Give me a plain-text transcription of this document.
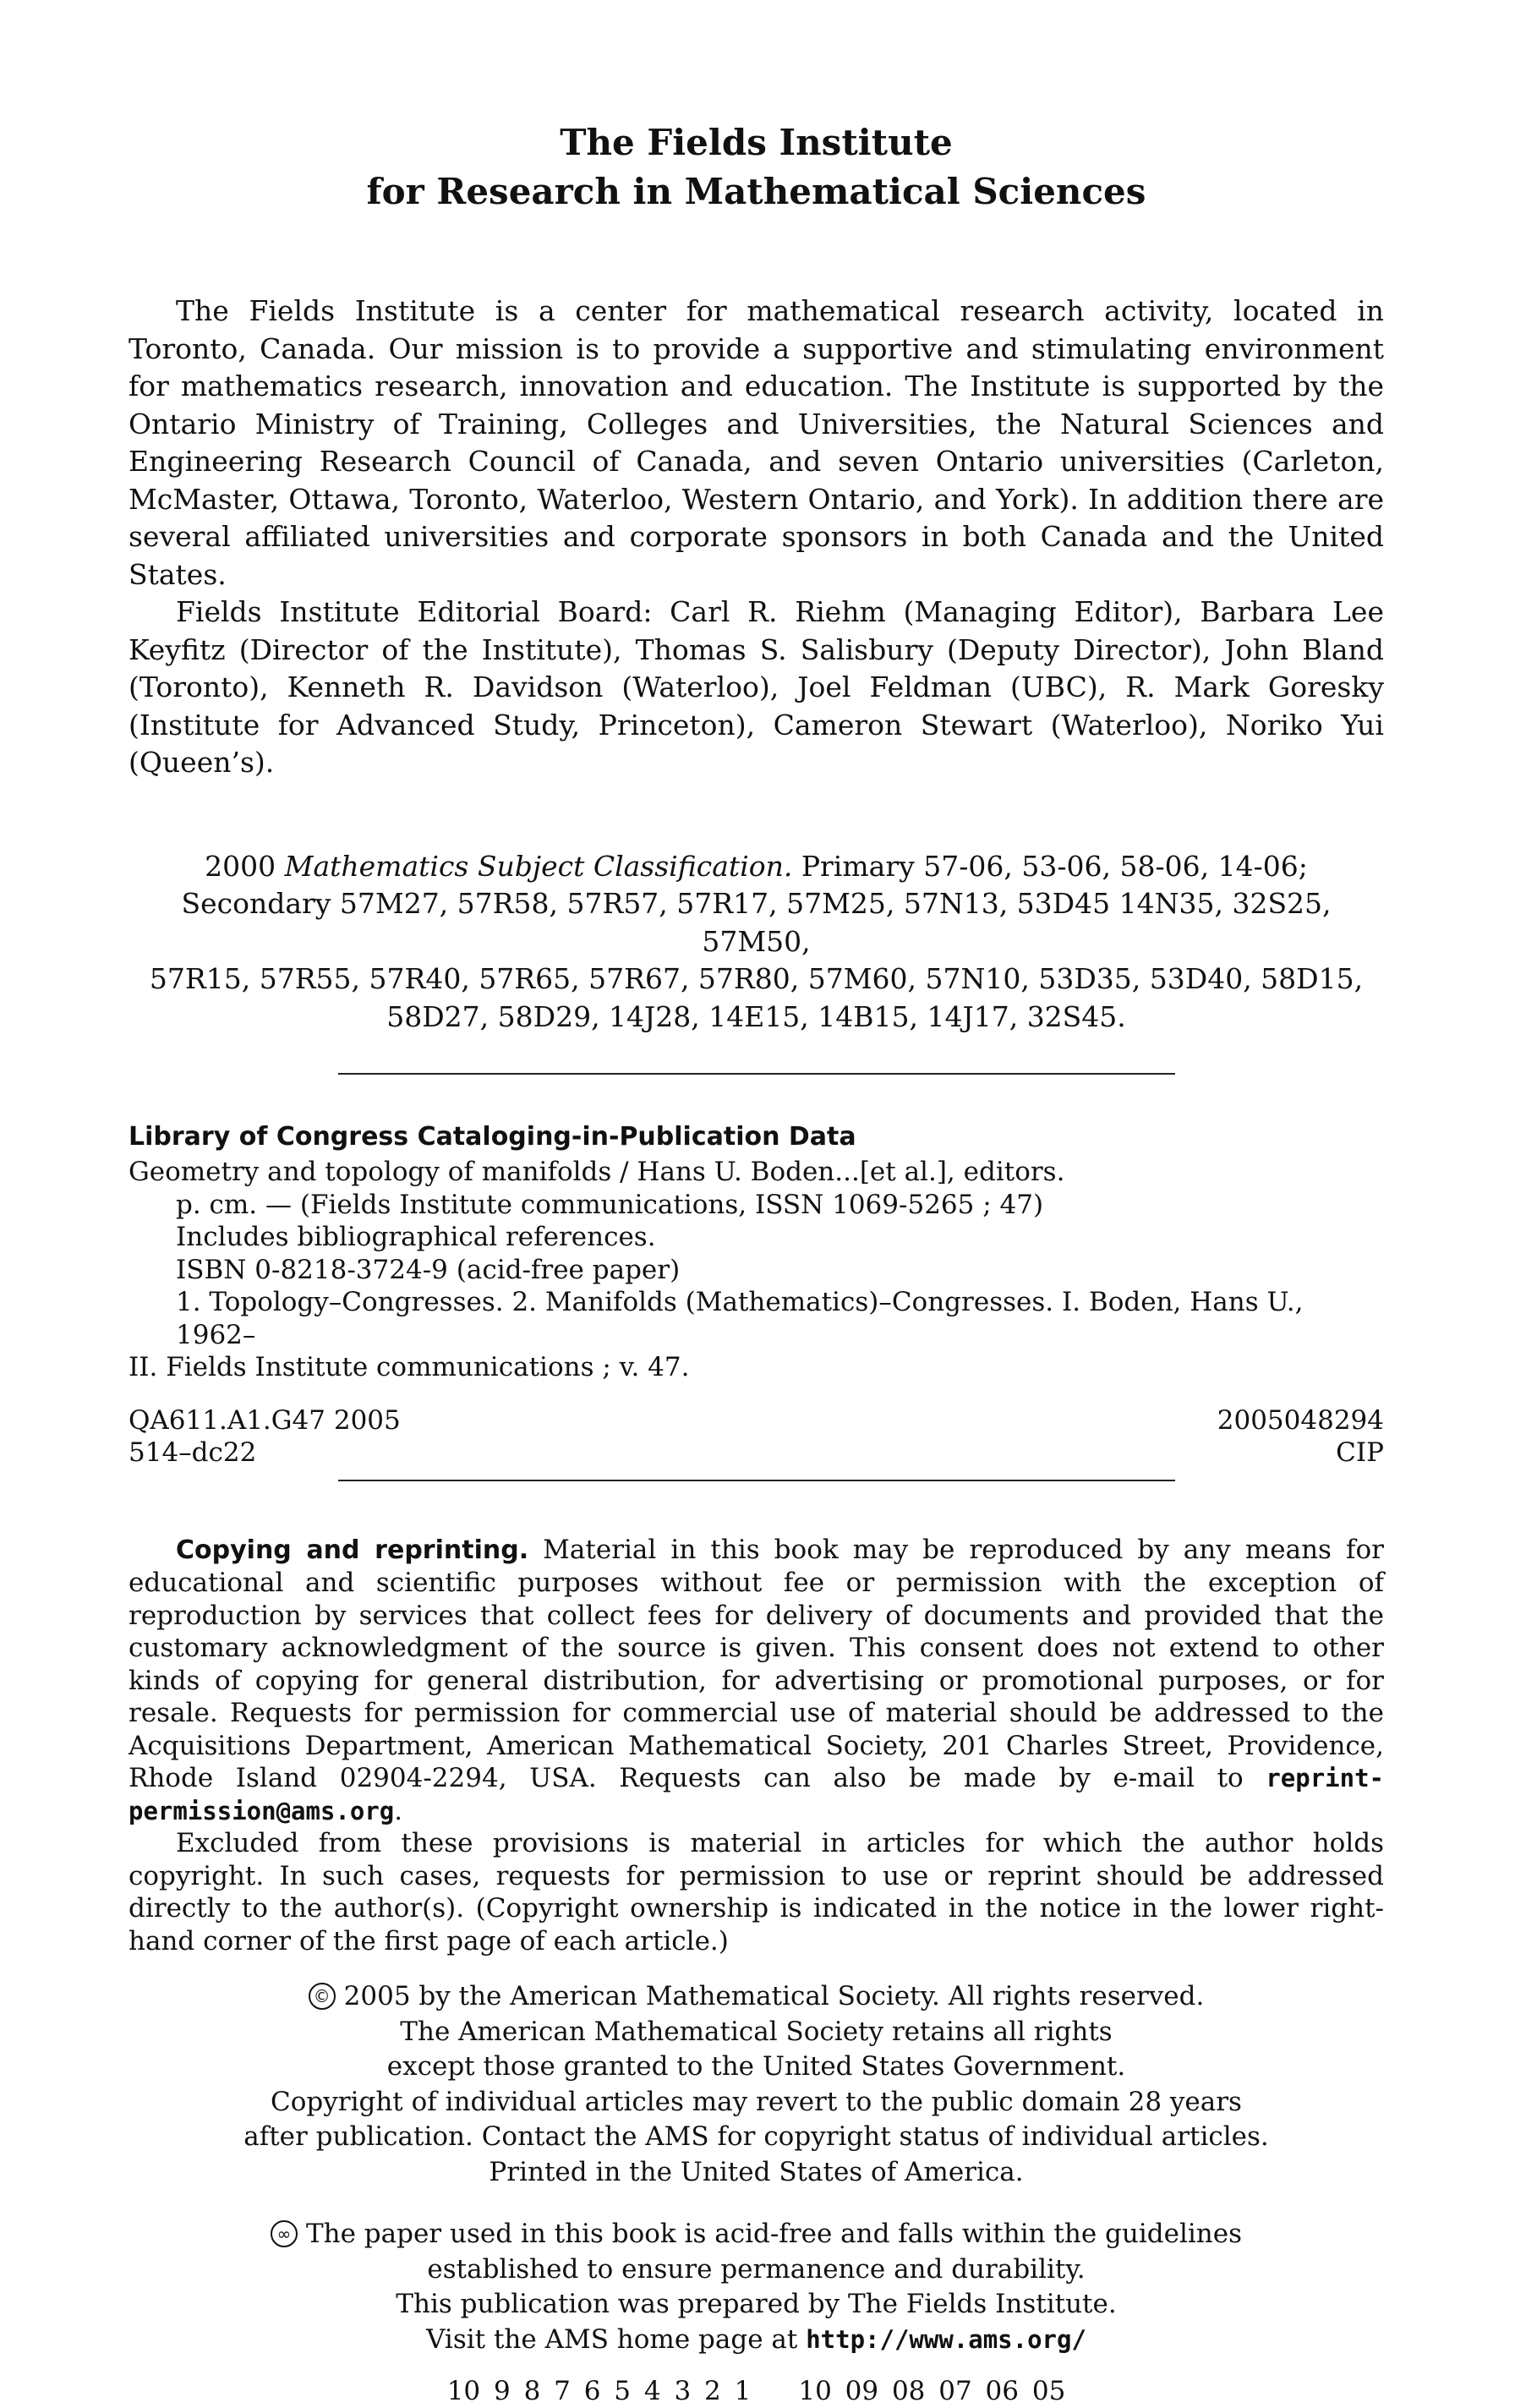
The Fields Institute
for Research in Mathematical Sciences

The Fields Institute is a center for mathematical research activity, located in Toronto, Canada. Our mission is to provide a supportive and stimulating environment for mathematics research, innovation and education. The Institute is supported by the Ontario Ministry of Training, Colleges and Universities, the Natural Sciences and Engineering Research Council of Canada, and seven Ontario universities (Carleton, McMaster, Ottawa, Toronto, Waterloo, Western Ontario, and York). In addition there are several affiliated universities and corporate sponsors in both Canada and the United States.

Fields Institute Editorial Board: Carl R. Riehm (Managing Editor), Barbara Lee Keyfitz (Director of the Institute), Thomas S. Salisbury (Deputy Director), John Bland (Toronto), Kenneth R. Davidson (Waterloo), Joel Feldman (UBC), R. Mark Goresky (Institute for Advanced Study, Princeton), Cameron Stewart (Waterloo), Noriko Yui (Queen’s).

2000 Mathematics Subject Classification. Primary 57-06, 53-06, 58-06, 14-06;
Secondary 57M27, 57R58, 57R57, 57R17, 57M25, 57N13, 53D45 14N35, 32S25, 57M50,
57R15, 57R55, 57R40, 57R65, 57R67, 57R80, 57M60, 57N10, 53D35, 53D40, 58D15,
58D27, 58D29, 14J28, 14E15, 14B15, 14J17, 32S45.

Library of Congress Cataloging-in-Publication Data

Geometry and topology of manifolds / Hans U. Boden...[et al.], editors.

p. cm. — (Fields Institute communications, ISSN 1069-5265 ; 47)

Includes bibliographical references.

ISBN 0-8218-3724-9 (acid-free paper)

1. Topology–Congresses. 2. Manifolds (Mathematics)–Congresses. I. Boden, Hans U., 1962–

II. Fields Institute communications ; v. 47.

QA611.A1.G47 2005
514–dc22
2005048294
CIP

Copying and reprinting. Material in this book may be reproduced by any means for educational and scientific purposes without fee or permission with the exception of reproduction by services that collect fees for delivery of documents and provided that the customary acknowledgment of the source is given. This consent does not extend to other kinds of copying for general distribution, for advertising or promotional purposes, or for resale. Requests for permission for commercial use of material should be addressed to the Acquisitions Department, American Mathematical Society, 201 Charles Street, Providence, Rhode Island 02904-2294, USA. Requests can also be made by e-mail to reprint-permission@ams.org.

Excluded from these provisions is material in articles for which the author holds copyright. In such cases, requests for permission to use or reprint should be addressed directly to the author(s). (Copyright ownership is indicated in the notice in the lower right-hand corner of the first page of each article.)

© 2005 by the American Mathematical Society. All rights reserved.

The American Mathematical Society retains all rights

except those granted to the United States Government.

Copyright of individual articles may revert to the public domain 28 years

after publication. Contact the AMS for copyright status of individual articles.

Printed in the United States of America.

∞ The paper used in this book is acid-free and falls within the guidelines

established to ensure permanence and durability.

This publication was prepared by The Fields Institute.

Visit the AMS home page at http://www.ams.org/

10 9 8 7 6 5 4 3 2 1 10 09 08 07 06 05
